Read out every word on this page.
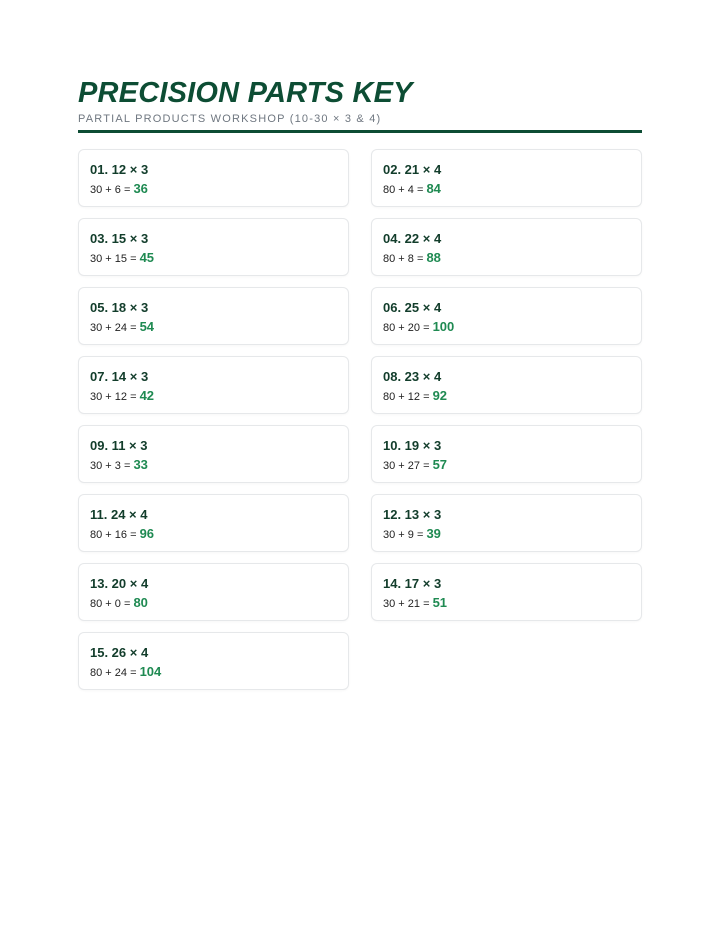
PRECISION PARTS KEY
PARTIAL PRODUCTS WORKSHOP (10-30 × 3 & 4)
01. 12 × 3
30 + 6 = 36
02. 21 × 4
80 + 4 = 84
03. 15 × 3
30 + 15 = 45
04. 22 × 4
80 + 8 = 88
05. 18 × 3
30 + 24 = 54
06. 25 × 4
80 + 20 = 100
07. 14 × 3
30 + 12 = 42
08. 23 × 4
80 + 12 = 92
09. 11 × 3
30 + 3 = 33
10. 19 × 3
30 + 27 = 57
11. 24 × 4
80 + 16 = 96
12. 13 × 3
30 + 9 = 39
13. 20 × 4
80 + 0 = 80
14. 17 × 3
30 + 21 = 51
15. 26 × 4
80 + 24 = 104
